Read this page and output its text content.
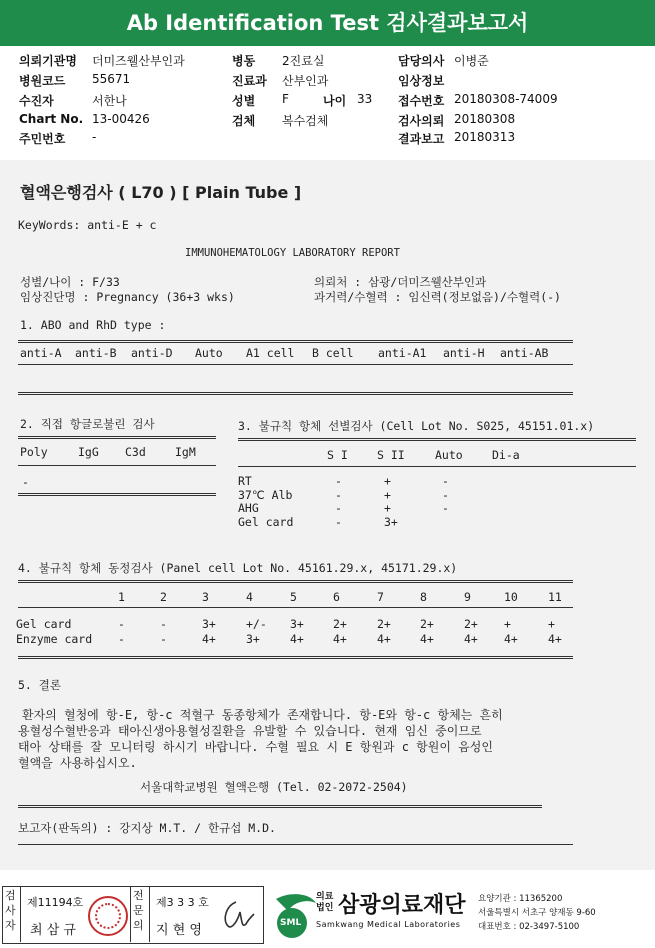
Ab Identification Test 검사결과보고서
의뢰기관명 더미즈웰산부인과
병원코드 55671
수진자	서한나
Chart No. 13-00426
주민번호 -
병동 2진료실
진료과 산부인과
성별 F	나이 33
검체 복수검체
담당의사 이병준
임상정보
접수번호 20180308-74009
검사의뢰 20180308
결과보고 20180313
혈액은행검사 ( L70 ) [ Plain Tube ]
KeyWords: anti-E + c
IMMUNOHEMATOLOGY LABORATORY REPORT
성별/나이 : F/33
임상진단명 : Pregnancy (36+3 wks)
의뢰처 : 삼광/더미즈웰산부인과
과거력/수혈력 : 임신력(정보없음)/수혈력(-)
1. ABO and RhD type :
anti-A anti-B anti-D Auto A1 cell B cell anti-A1 anti-H anti-AB
2. 직접 항글로불린 검사
Poly	IgG C3d	IgM
-
3. 불규칙 항체 선별검사 (Cell Lot No. S025, 45151.01.x)
S I	S II	Auto	Di-a
4. 불규칙 항체 동정검사 (Panel cell Lot No. 45161.29.x, 45171.29.x)
5. 결론
환자의 혈청에 항-E, 항-c 적혈구 동종항체가 존재합니다. 항-E와 항-c 항체는 흔히
용혈성수혈반응과 태아신생아용혈성질환을 유발할 수 있습니다. 현재 임신 중이므로
태아 상태를 잘 모니터링 하시기 바랍니다. 수혈 필요 시 E 항원과 c 항원이 음성인
혈액을 사용하십시오.
서울대학교병원 혈액은행 (Tel. 02-2072-2504)
보고자(판독의) : 강지상 M.T. / 한규섭 M.D.
RT	-	+	-
37℃ Alb	-	+	-
AHG	-	+	-
Gel card	-	3+
1	2	3	4	5	6	7	8	9	10	11
Gel card	-	-	3+	+/- 3+	2+	2+	2+	2+ +	+
Enzyme card -	-	4+	3+	4+	4+	4+	4+	4+ 4+	4+
검사자
제11194호
최 삼 규
전문의
제3 3 3 호
지 현 영	SML
의료
법인 삼광의료재단
Samkwang Medical Laboratories
요양기관 : 11365200
서울특별시 서초구 양재동 9-60
대표번호 : 02-3497-5100
